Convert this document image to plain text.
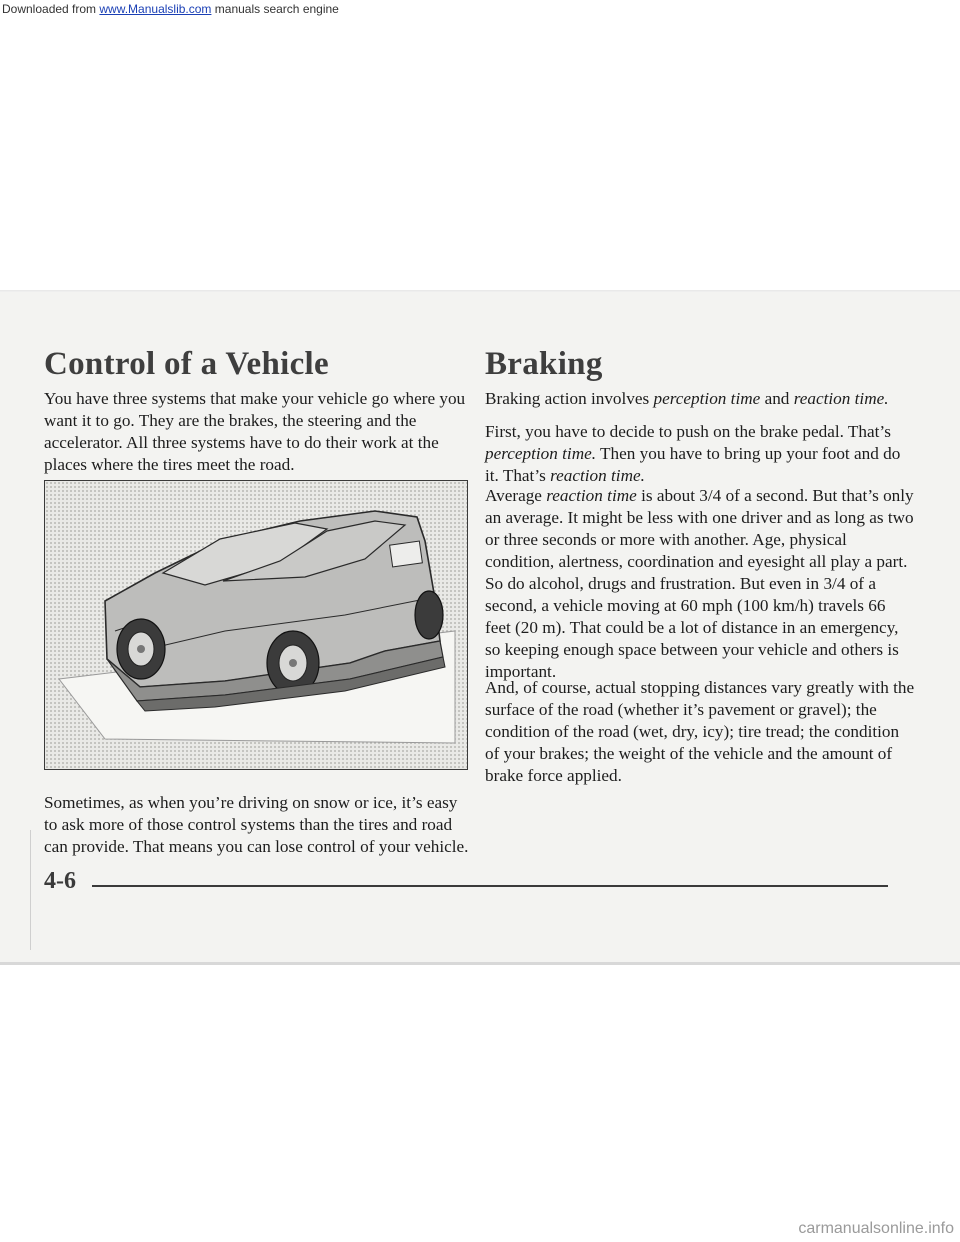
Downloaded from www.Manualslib.com manuals search engine
Control of a Vehicle

You have three systems that make your vehicle go where you want it to go. They are the brakes, the steering and the accelerator. All three systems have to do their work at the places where the tires meet the road.

Sometimes, as when you’re driving on snow or ice, it’s easy to ask more of those control systems than the tires and road can provide. That means you can lose control of your vehicle.

Braking

Braking action involves perception time and reaction time.

First, you have to decide to push on the brake pedal. That’s perception time. Then you have to bring up your foot and do it. That’s reaction time.

Average reaction time is about 3/4 of a second. But that’s only an average. It might be less with one driver and as long as two or three seconds or more with another. Age, physical condition, alertness, coordination and eyesight all play a part. So do alcohol, drugs and frustration. But even in 3/4 of a second, a vehicle moving at 60 mph (100 km/h) travels 66 feet (20 m). That could be a lot of distance in an emergency, so keeping enough space between your vehicle and others is important.

And, of course, actual stopping distances vary greatly with the surface of the road (whether it’s pavement or gravel); the condition of the road (wet, dry, icy); tire tread; the condition of your brakes; the weight of the vehicle and the amount of brake force applied.

4-6
carmanualsonline.info
